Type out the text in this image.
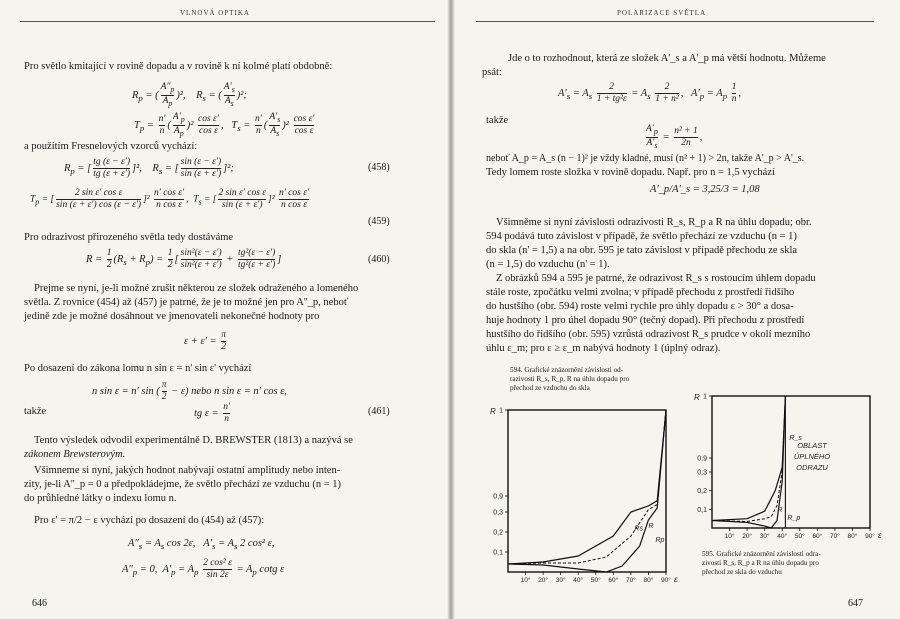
VLNOVÁ OPTIKA
Pro světlo kmitající v rovině dopadu a v rovině k ní kolmé platí obdobně:
$R_p$ = ( $\frac{A''_p}{A_p} )^2$,    $R_s$ = ( $\frac{A'_s}{A_s} )^2$;
$T_p = \frac{n'}{n}$ ( $\frac{A'_p}{A_p} )^2 \frac{\text{cos ε′}}{\text{cos ε}}$ ,   $T_s = \frac{n'}{n}$ ( $\frac{A'_s}{A_s} )^2 \frac{\text{cos ε′}}{\text{cos ε}}$
a použitím Fresnelových vzorců vychází:
$R_p$ = [ $\frac{tg (\varepsilon - \varepsilon')}{tg (\varepsilon + \varepsilon')} ]^2$,    $R_s$ = [ $\frac{\sin (\varepsilon - \varepsilon')}{\sin (\varepsilon + \varepsilon')} ]^2$;	(458)
$T_p$ = [ $\frac{\text{2 sin ε′ cos ε}}{\sin (\varepsilon + \varepsilon') \cos (\varepsilon - \varepsilon')} ]^2 \frac{\text{n′ cos ε′}}{\text{n cos ε}}$ ,  $T_s$ = [ $\frac{\text{2 sin ε′ cos ε}}{\sin (\varepsilon + \varepsilon')} ]^2 \frac{\text{n′ cos ε′}}{\text{n cos ε}}$
(459)
Pro odrazivost přirozeného světla tedy dostáváme
$R = \frac{1}{2} (R_s + R_p) = \frac{1}{2}$ [ $\frac{\text{sin²(ε − ε′)}}{\text{sin²(ε + ε′)}} + \frac{\text{tg²(ε − ε′)}}{\text{tg²(ε + ε′)}}$ ]	(460)
Prejme se nyní, je-li možné zrušit některou ze složek odraženého a lomeného
světla. Z rovnice (454) až (457) je patrné, že je to možné jen pro A''_p, neboť
jedině zde je možné dosáhnout ve jmenovateli nekonečné hodnoty pro
$\varepsilon + \varepsilon' = \frac{\pi}{2}$
Po dosazení do zákona lomu n sin ε = n' sin ε' vychází
n sin ε = n′ sin ( $\frac{\pi}{2} - \varepsilon$) nebo n sin ε = n′ cos ε,
takže	tg $\varepsilon = \frac{n'}{n}$	(461)
Tento výsledek odvodil experimentálně D. BREWSTER (1813) a nazývá se
zákonem Brewsterovým.
Všimneme si nyní, jakých hodnot nabývají ostatní amplitudy nebo inten-
zity, je-li A''_p = 0 a předpokládejme, že světlo přechází ze vzduchu (n = 1)
do průhledné látky o indexu lomu n.
Pro ε' = π/2 − ε vychází po dosazení do (454) až (457):
$A''_s = A_s$ cos 2ε,   $A'_s = A_s$ 2 cos² ε,
$A''_p = 0$,  $A'_p = A_p \frac{\text{2 cos² ε}}{\sin 2\varepsilon} = A_p$ cotg ε
646
POLARIZACE SVĚTLA
Jde o to rozhodnout, která ze složek A'_s a A'_p má větší hodnotu. Můžeme
psát:
$A'_s = A_s \frac{2}{\text{1 + tg²ε}} = A_s \frac{2}{\text{1 + n²}}$ ,   $A'_p = A_p \frac{1}{n}$ ,
takže
$\frac{A'_p}{A'_s} = \frac{\text{n² + 1}}{2n}$ ,
neboť A_p = A_s (n − 1)² je vždy kladné, musí (n² + 1) > 2n, takže A'_p > A'_s.
Tedy lomem roste složka v rovině dopadu. Např. pro n = 1,5 vychází
A'_p/A'_s = 3,25/3 = 1,08
Všimněme si nyní závislosti odrazivosti R_s, R_p a R na úhlu dopadu; obr.
594 podává tuto závislost v případě, že světlo přechází ze vzduchu (n = 1)
do skla (n' = 1,5) a na obr. 595 je tato závislost v případě přechodu ze skla
(n = 1,5) do vzduchu (n' = 1).
Z obrázků 594 a 595 je patrné, že odrazivost R_s s rostoucím úhlem dopadu
stále roste, zpočátku velmi zvolna; v případě přechodu z prostředí řidšího
do hustšího (obr. 594) roste velmi rychle pro úhly dopadu ε > 30° a dosa-
huje hodnoty 1 pro úhel dopadu 90° (tečný dopad). Při přechodu z prostředí
hustšího do řidšího (obr. 595) vzrůstá odrazivost R_s prudce v okolí mezního
úhlu ε_m; pro ε ≥ ε_m nabývá hodnoty 1 (úplný odraz).
594. Grafické znázornění závislosti od-
razivosti R_s, R_p, R na úhlu dopadu pro
přechod ze vzduchu do skla
595. Grafické znázornění závislosti odra-
zivosti R_s, R_p a R na úhlu dopadu pro
přechod ze skla do vzduchu
10° 20° 30° 40° 50° 60° 70° 80° 90° ε
0,1
0,2
0,3
0,9
1
R
Rs R
Rp
10° 20° 30° 40° 50° 60° 70° 80° 90° ε
0,1
0,2
0,3
0,9
1
R
R_s
R
R_p
OBLAST
ÚPLNÉHO
ODRAZU
647
